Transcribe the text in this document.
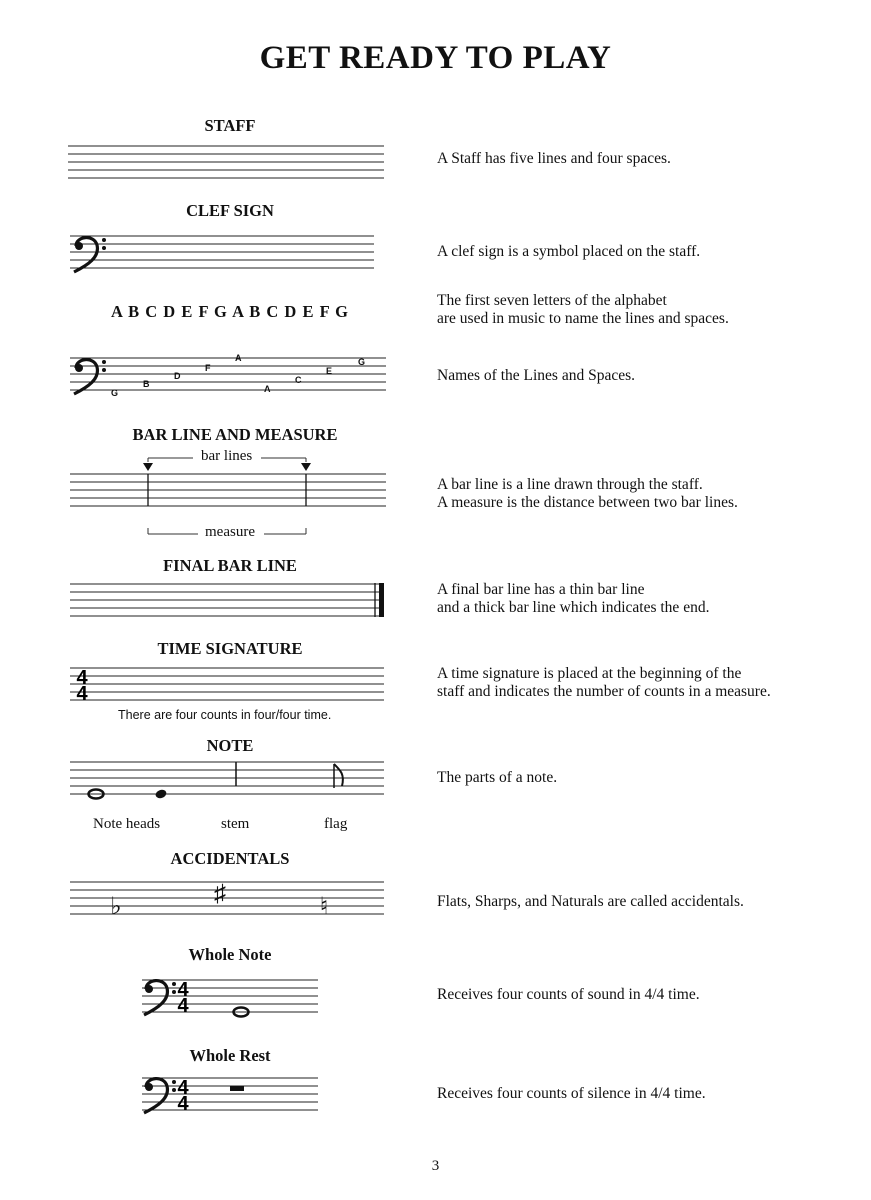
GET READY TO PLAY
STAFF
A Staff has five lines and four spaces.
CLEF SIGN
A clef sign is a symbol placed on the staff.
A B C D E F G A B C D E F G
The first seven letters of the alphabet
are used in music to name the lines and spaces.
G
B
D
F
A
A
C
E
G
Names of the Lines and Spaces.
BAR LINE AND MEASURE
bar lines
measure
A bar line is a line drawn through the staff.
A measure is the distance between two bar lines.
FINAL BAR LINE
A final bar line has a thin bar line
and a thick bar line which indicates the end.
TIME SIGNATURE
4
4
There are four counts in four/four time.
A time signature is placed at the beginning of the
staff and indicates the number of counts in a measure.
NOTE
Note heads	stem	flag
The parts of a note.
ACCIDENTALS
♭	♯	♮	Flats, Sharps, and Naturals are called accidentals.
Whole Note
4
4
Receives four counts of sound in 4/4 time.
Whole Rest
4
4	Receives four counts of silence in 4/4 time.
3
